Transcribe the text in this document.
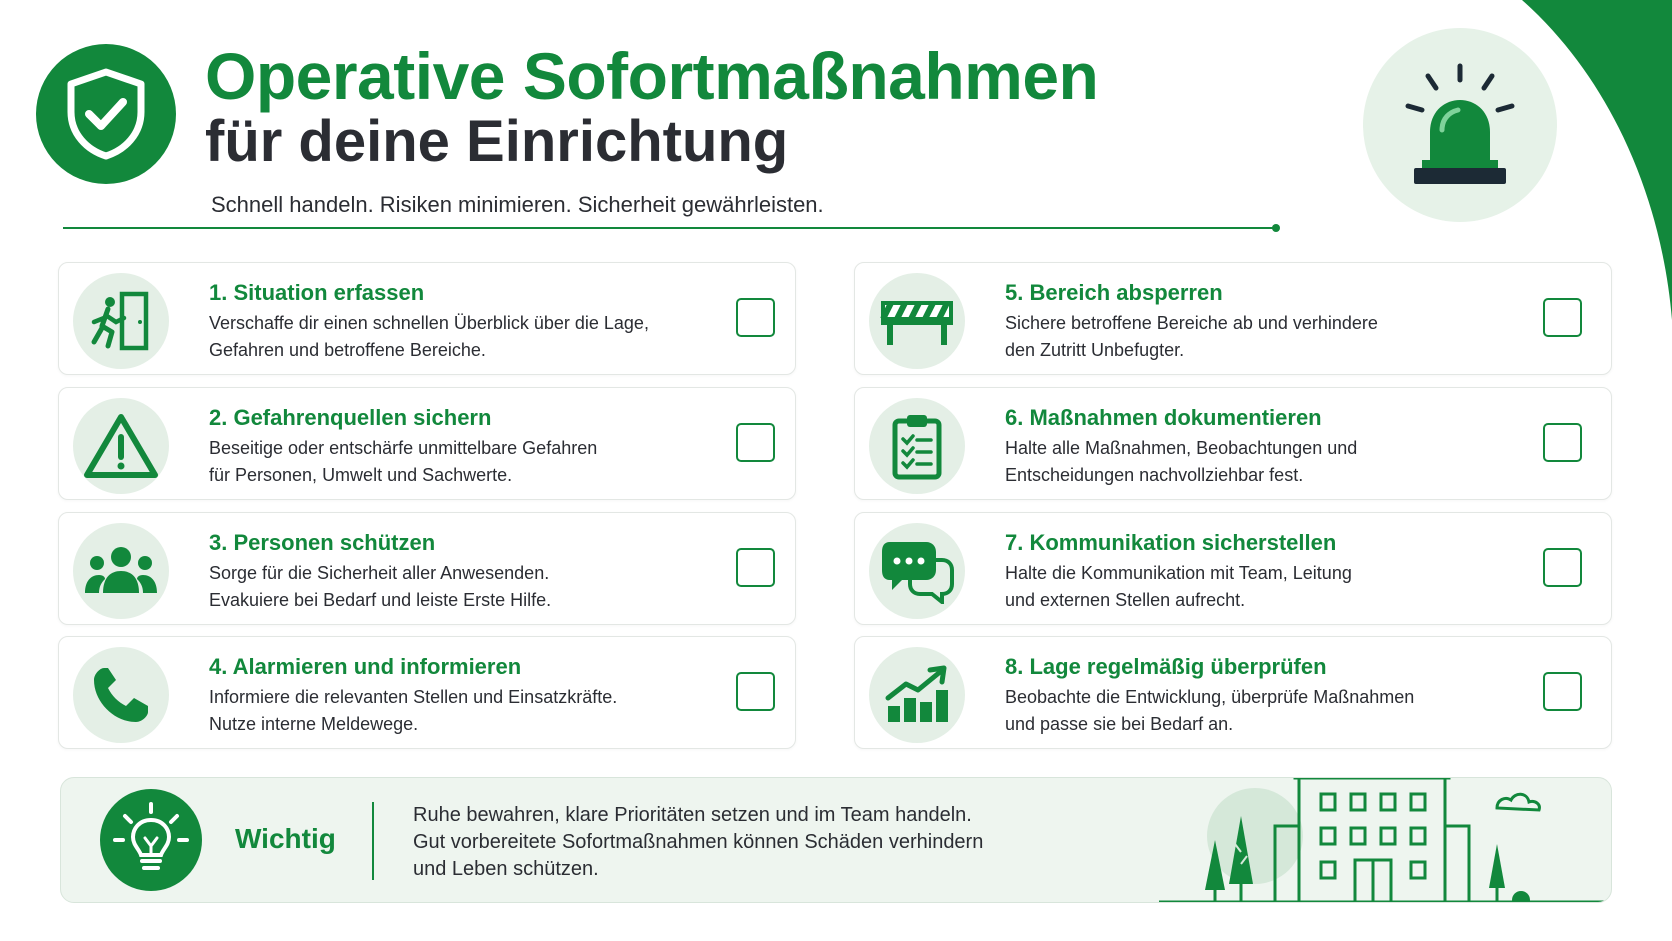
Operative Sofortmaßnahmen
für deine Einrichtung
Schnell handeln. Risiken minimieren. Sicherheit gewährleisten.
1. Situation erfassen
Verschaffe dir einen schnellen Überblick über die Lage,
Gefahren und betroffene Bereiche.
2. Gefahrenquellen sichern
Beseitige oder entschärfe unmittelbare Gefahren
für Personen, Umwelt und Sachwerte.
3. Personen schützen
Sorge für die Sicherheit aller Anwesenden.
Evakuiere bei Bedarf und leiste Erste Hilfe.
4. Alarmieren und informieren
Informiere die relevanten Stellen und Einsatzkräfte.
Nutze interne Meldewege.
5. Bereich absperren
Sichere betroffene Bereiche ab und verhindere
den Zutritt Unbefugter.
6. Maßnahmen dokumentieren
Halte alle Maßnahmen, Beobachtungen und
Entscheidungen nachvollziehbar fest.
7. Kommunikation sicherstellen
Halte die Kommunikation mit Team, Leitung
und externen Stellen aufrecht.
8. Lage regelmäßig überprüfen
Beobachte die Entwicklung, überprüfe Maßnahmen
und passe sie bei Bedarf an.
Wichtig
Ruhe bewahren, klare Prioritäten setzen und im Team handeln.
Gut vorbereitete Sofortmaßnahmen können Schäden verhindern
und Leben schützen.
